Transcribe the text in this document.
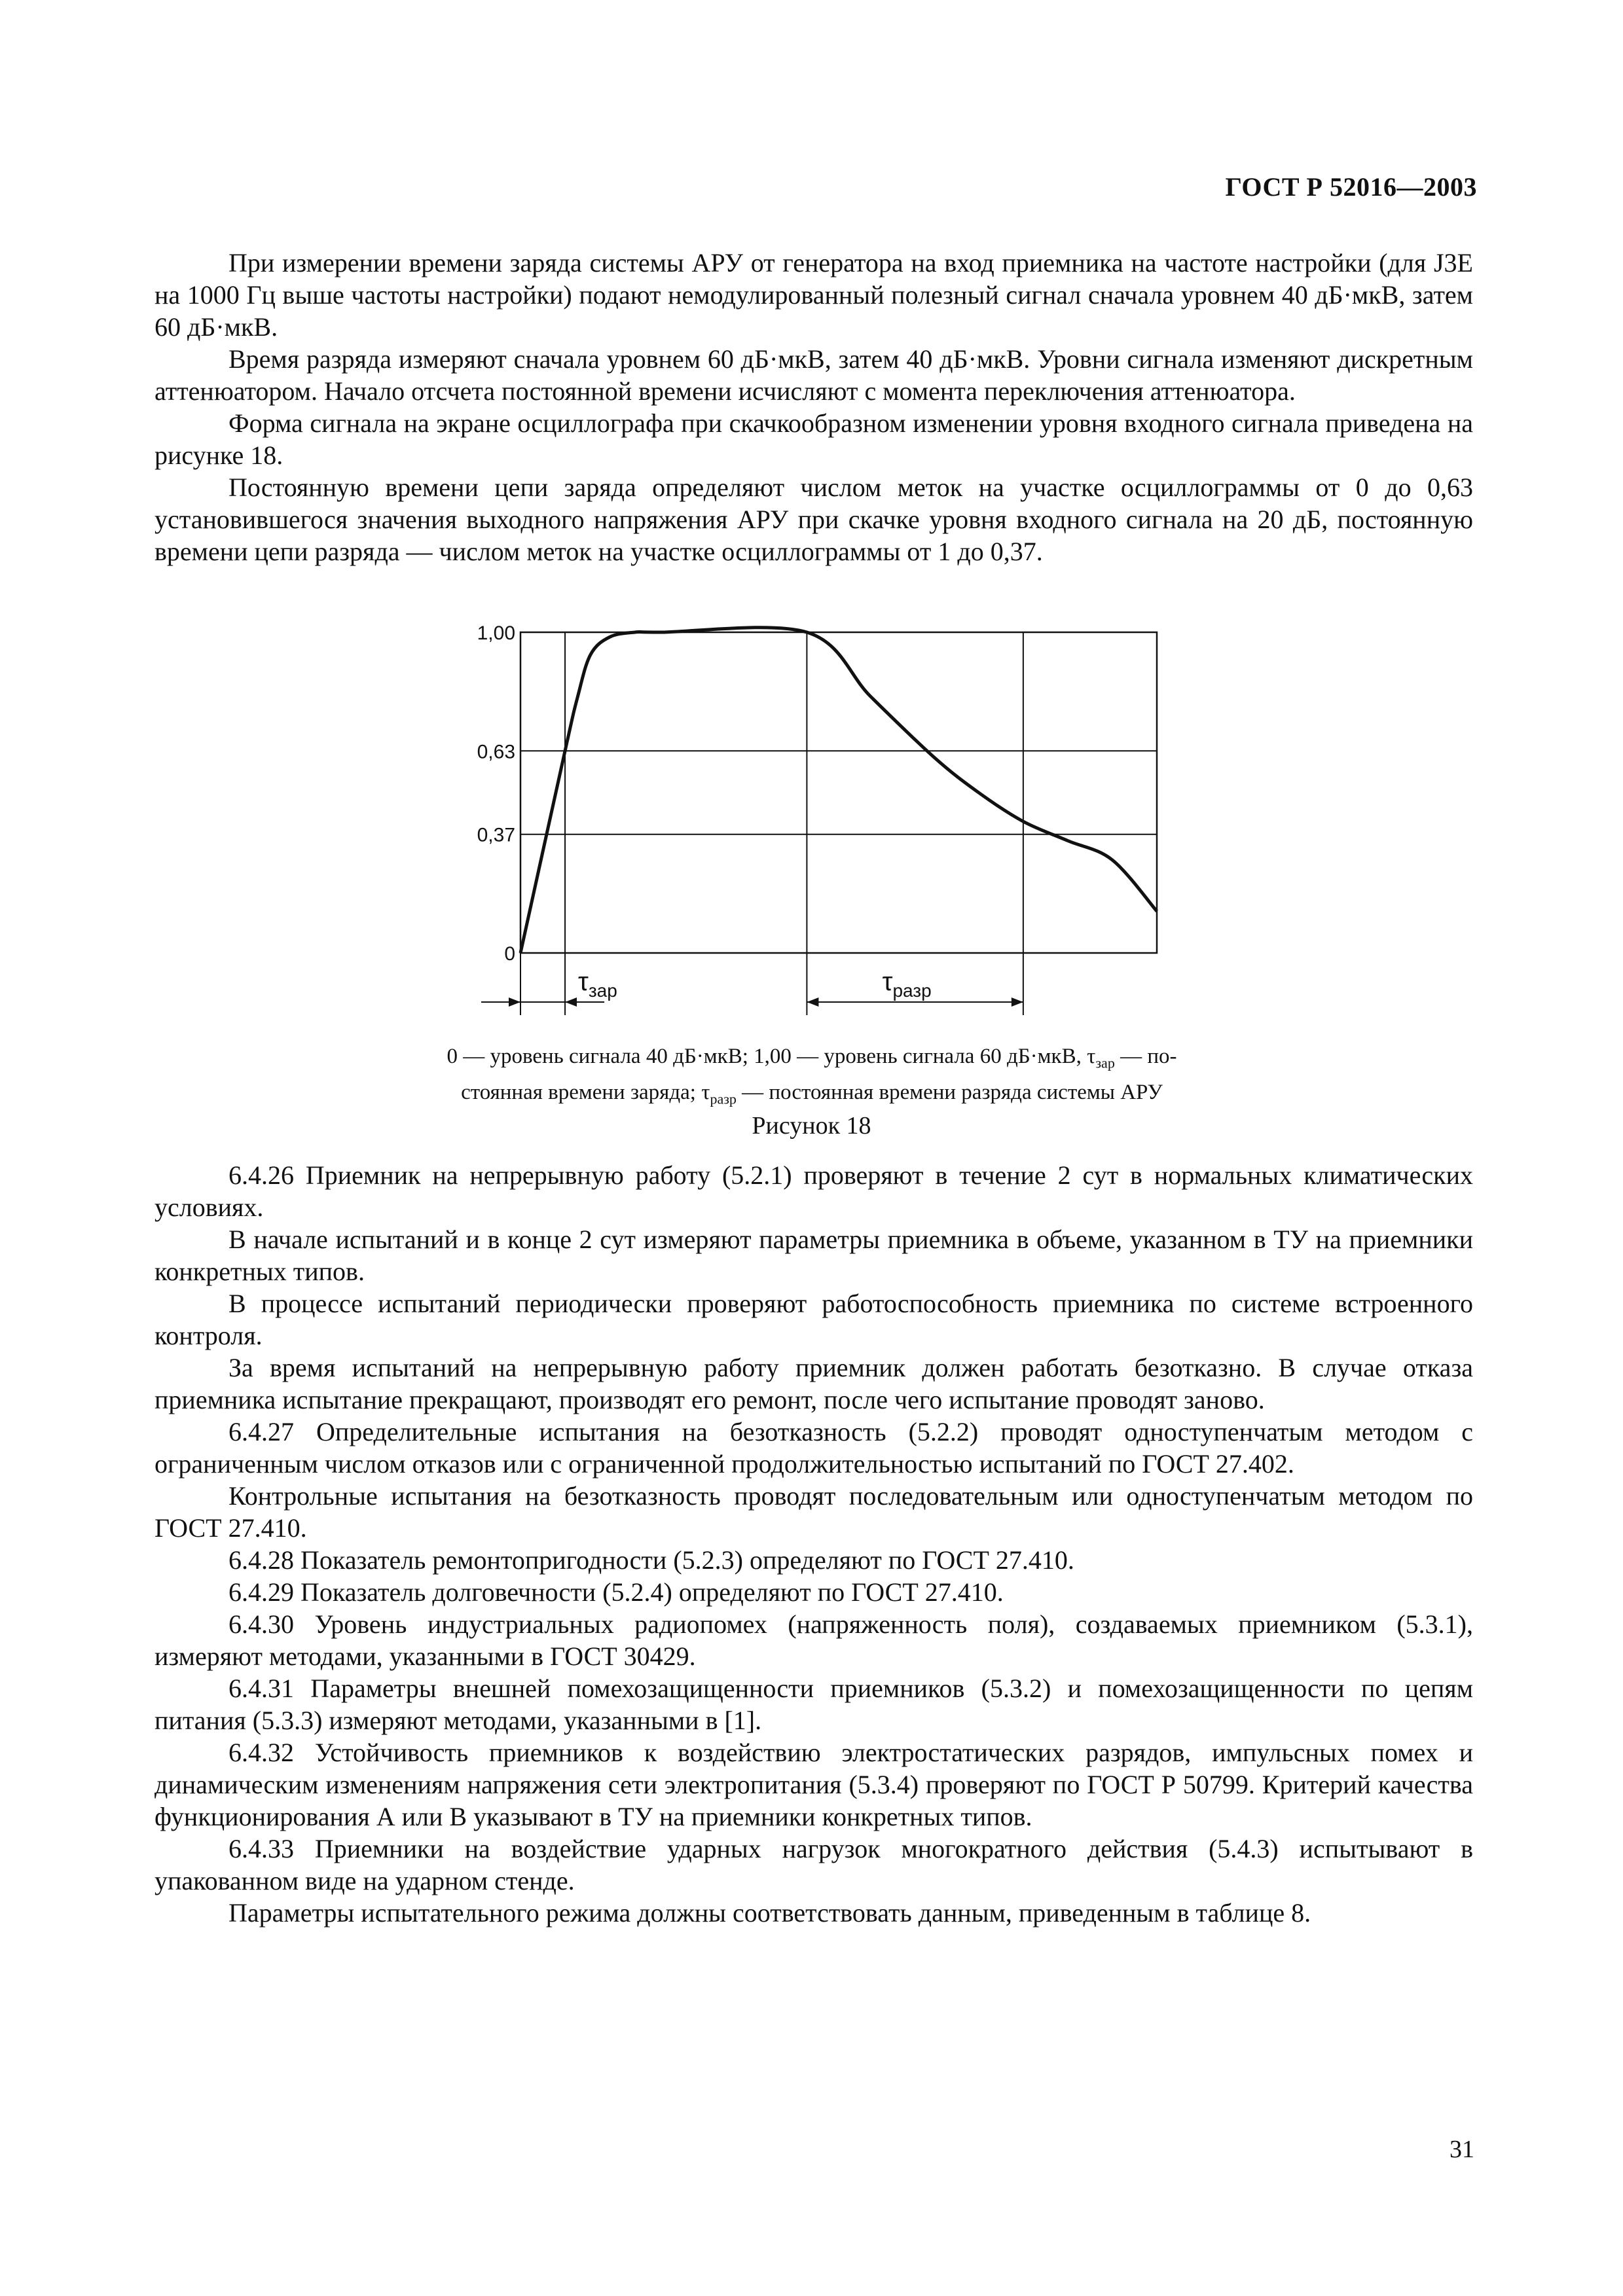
ГОСТ Р 52016—2003

При измерении времени заряда системы АРУ от генератора на вход приемника на частоте настройки (для J3E на 1000 Гц выше частоты настройки) подают немодулированный полезный сигнал сначала уровнем 40 дБ·мкВ, затем 60 дБ·мкВ.

Время разряда измеряют сначала уровнем 60 дБ·мкВ, затем 40 дБ·мкВ. Уровни сигнала изменяют дискретным аттенюатором. Начало отсчета постоянной времени исчисляют с момента переключения аттенюатора.

Форма сигнала на экране осциллографа при скачкообразном изменении уровня входного сигнала приведена на рисунке 18.

Постоянную времени цепи заряда определяют числом меток на участке осциллограммы от 0 до 0,63 установившегося значения выходного напряжения АРУ при скачке уровня входного сигнала на 20 дБ, постоянную времени цепи разряда — числом меток на участке осциллограммы от 1 до 0,37.

1,00
0,63
0,37
0
$\tau_{зар}$	$\tau_{разр}$
0 — уровень сигнала 40 дБ·мкВ; 1,00 — уровень сигнала 60 дБ·мкВ, $\tau_{зар}$ — по-
стоянная времени заряда; $\tau_{разр}$ — постоянная времени разряда системы АРУ
Рисунок 18

6.4.26 Приемник на непрерывную работу (5.2.1) проверяют в течение 2 сут в нормальных климатических условиях.

В начале испытаний и в конце 2 сут измеряют параметры приемника в объеме, указанном в ТУ на приемники конкретных типов.

В процессе испытаний периодически проверяют работоспособность приемника по системе встроенного контроля.

За время испытаний на непрерывную работу приемник должен работать безотказно. В случае отказа приемника испытание прекращают, производят его ремонт, после чего испытание проводят заново.

6.4.27 Определительные испытания на безотказность (5.2.2) проводят одноступенчатым методом с ограниченным числом отказов или с ограниченной продолжительностью испытаний по ГОСТ 27.402.

Контрольные испытания на безотказность проводят последовательным или одноступенчатым методом по ГОСТ 27.410.

6.4.28 Показатель ремонтопригодности (5.2.3) определяют по ГОСТ 27.410.

6.4.29 Показатель долговечности (5.2.4) определяют по ГОСТ 27.410.

6.4.30 Уровень индустриальных радиопомех (напряженность поля), создаваемых приемником (5.3.1), измеряют методами, указанными в ГОСТ 30429.

6.4.31 Параметры внешней помехозащищенности приемников (5.3.2) и помехозащищенности по цепям питания (5.3.3) измеряют методами, указанными в [1].

6.4.32 Устойчивость приемников к воздействию электростатических разрядов, импульсных помех и динамическим изменениям напряжения сети электропитания (5.3.4) проверяют по ГОСТ Р 50799. Критерий качества функционирования А или В указывают в ТУ на приемники конкретных типов.

6.4.33 Приемники на воздействие ударных нагрузок многократного действия (5.4.3) испытывают в упакованном виде на ударном стенде.

Параметры испытательного режима должны соответствовать данным, приведенным в таблице 8.

31
